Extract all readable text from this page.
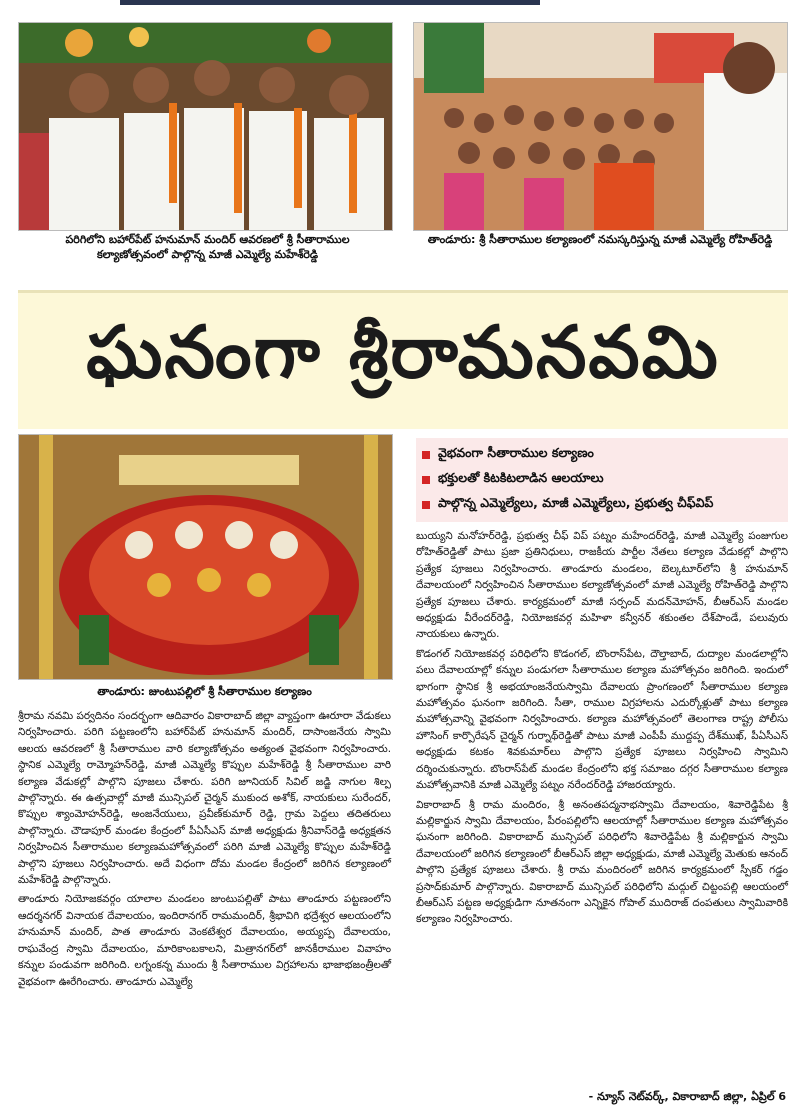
పరిగిలోని బహార్‌పేట్ హనుమాన్ మందిర్ ఆవరణలో శ్రీ సీతారాముల కల్యాణోత్సవంలో పాల్గొన్న మాజీ ఎమ్మెల్యే మహేశ్‌రెడ్డి
తాండూరు: శ్రీ సీతారాముల కల్యాణంలో నమస్కరిస్తున్న మాజీ ఎమ్మెల్యే రోహిత్‌రెడ్డి
ఘనంగా శ్రీరామనవమి
తాండూరు: జుంటుపల్లిలో శ్రీ సీతారాముల కల్యాణం
వైభవంగా సీతారాముల కల్యాణం
భక్తులతో కిటకిటలాడిన ఆలయాలు
పాల్గొన్న ఎమ్మెల్యేలు, మాజీ ఎమ్మెల్యేలు, ప్రభుత్వ చీఫ్‌విప్

బుయ్యని మనోహర్‌రెడ్డి, ప్రభుత్వ చీఫ్ విప్ పట్నం మహేందర్‌రెడ్డి, మాజీ ఎమ్మెల్యే పంజుగుల రోహిత్‌రెడ్డితో పాటు ప్రజా ప్రతినిధులు, రాజకీయ పార్టీల నేతలు కల్యాణ వేడుకల్లో పాల్గొని ప్రత్యేక పూజలు నిర్వహించారు. తాండూరు మండలం, బెల్కటూర్‌లోని శ్రీ హనుమాన్ దేవాలయంలో నిర్వహించిన సీతారాముల కల్యాణోత్సవంలో మాజీ ఎమ్మెల్యే రోహిత్‌రెడ్డి పాల్గొని ప్రత్యేక పూజలు చేశారు. కార్యక్రమంలో మాజీ సర్పంచ్ మదన్‌మోహన్, బీఆర్ఎస్ మండల అధ్యక్షుడు వీరేందర్‌రెడ్డి, నియోజకవర్గ మహిళా కన్వీనర్ శకుంతల దేశ్‌పాండే, పలువురు నాయకులు ఉన్నారు.

కొడంగల్ నియోజకవర్గ పరిధిలోని కొడంగల్, బొంరాస్‌పేట, దౌల్తాబాద్, దుద్యాల మండలాల్లోని పలు దేవాలయాల్లో కన్నుల పండుగలా సీతారాముల కల్యాణ మహోత్సవం జరిగింది. ఇందులో భాగంగా స్థానిక శ్రీ అభయాంజనేయస్వామి దేవాలయ ప్రాంగణంలో సీతారాముల కల్యాణ మహోత్సవం ఘనంగా జరిగింది. సీతా, రాముల విగ్రహాలను ఎదుర్కోళ్లుతో పాటు కల్యాణ మహోత్సవాన్ని వైభవంగా నిర్వహించారు. కల్యాణ మహోత్సవంలో తెలంగాణ రాష్ట్ర పోలీసు హౌసింగ్ కార్పొరేషన్ చైర్మన్ గుర్నాథ్‌రెడ్డితో పాటు మాజీ ఎంపీపీ ముద్దప్ప దేశ్‌ముఖ్, పీఏసీఎస్ అధ్యక్షుడు కటకం శివకుమార్‌లు పాల్గొని ప్రత్యేక పూజలు నిర్వహించి స్వామిని దర్శించుకున్నారు. బొంరాస్‌పేట్ మండల కేంద్రంలోని భక్త సమాజం దగ్గర సీతారాముల కల్యాణ మహోత్సవానికి మాజీ ఎమ్మెల్యే పట్నం నరేందర్‌రెడ్డి హాజరయ్యారు.

వికారాబాద్ శ్రీ రామ మందిరం, శ్రీ అనంతపద్మనాభస్వామి దేవాలయం, శివారెడ్డిపేట శ్రీ మల్లికార్జున స్వామి దేవాలయం, పీరంపల్లిలోని ఆలయాల్లో సీతారాముల కల్యాణ మహోత్సవం ఘనంగా జరిగింది. వికారాబాద్ మున్సిపల్ పరిధిలోని శివారెడ్డిపేట శ్రీ మల్లికార్జున స్వామి దేవాలయంలో జరిగిన కల్యాణంలో బీఆర్ఎస్ జిల్లా అధ్యక్షుడు, మాజీ ఎమ్మెల్యే మెతుకు ఆనంద్ పాల్గొని ప్రత్యేక పూజలు చేశారు. శ్రీ రామ మందిరంలో జరిగిన కార్యక్రమంలో స్పీకర్ గడ్డం ప్రసాద్‌కుమార్ పాల్గొన్నారు. వికారాబాద్ మున్సిపల్ పరిధిలోని మద్గుల్ చిట్టంపల్లి ఆలయంలో బీఆర్ఎస్ పట్టణ అధ్యక్షుడిగా నూతనంగా ఎన్నికైన గోపాల్ ముదిరాజ్ దంపతులు స్వామివారికి కల్యాణం నిర్వహించారు.

శ్రీరామ నవమి పర్వదినం సందర్భంగా ఆదివారం వికారాబాద్ జిల్లా వ్యాప్తంగా ఊరూరా వేడుకలు నిర్వహించారు. పరిగి పట్టణంలోని బహార్‌పేట్ హనుమాన్ మందిర్, దాసాంజనేయ స్వామి ఆలయ ఆవరణలో శ్రీ సీతారాముల వారి కల్యాణోత్సవం అత్యంత వైభవంగా నిర్వహించారు. స్థానిక ఎమ్మెల్యే రామ్మోహన్‌రెడ్డి, మాజీ ఎమ్మెల్యే కొప్పుల మహేశ్‌రెడ్డి శ్రీ సీతారాముల వారి కల్యాణ వేడుకల్లో పాల్గొని పూజలు చేశారు. పరిగి జూనియర్ సివిల్ జడ్జి నాగుల శిల్ప పాల్గొన్నారు. ఈ ఉత్సవాల్లో మాజీ మున్సిపల్ చైర్మన్ ముకుంద అశోక్, నాయకులు సురేందర్, కొప్పుల శ్యాంమోహన్‌రెడ్డి, అంజనేయులు, ప్రవీణ్‌కుమార్ రెడ్డి, గ్రామ పెద్దలు తదితరులు పాల్గొన్నారు. చౌడాపూర్ మండల కేంద్రంలో పీఏసీఎస్ మాజీ అధ్యక్షుడు శ్రీనివాస్‌రెడ్డి అధ్యక్షతన నిర్వహించిన సీతారాముల కల్యాణమహోత్సవంలో పరిగి మాజీ ఎమ్మెల్యే కొప్పుల మహేశ్‌రెడ్డి పాల్గొని పూజలు నిర్వహించారు. అదే విధంగా దోమ మండల కేంద్రంలో జరిగిన కల్యాణంలో మహేశ్‌రెడ్డి పాల్గొన్నారు.

తాండూరు నియోజకవర్గం యాలాల మండలం జుంటుపల్లితో పాటు తాండూరు పట్టణంలోని ఆదర్శనగర్ వినాయక దేవాలయం, ఇందిరానగర్ రామమందిర్, శ్రీభావిగి భద్రేశ్వర ఆలయంలోని హనుమాన్ మందిర్, పాత తాండూరు వెంకటేశ్వర దేవాలయం, అయ్యప్ప దేవాలయం, రాఘవేంద్ర స్వామి దేవాలయం, మారికాంబకాలని, మిత్రానగర్‌లో జానకీరాముల వివాహం కన్నుల పండువగా జరిగింది. లగ్నంకన్న ముందు శ్రీ సీతారాముల విగ్రహాలను భాజాభజంత్రీలతో వైభవంగా ఊరేగించారు. తాండూరు ఎమ్మెల్యే

- న్యూస్ నెట్‌వర్క్, వికారాబాద్ జిల్లా, ఏప్రిల్ 6
